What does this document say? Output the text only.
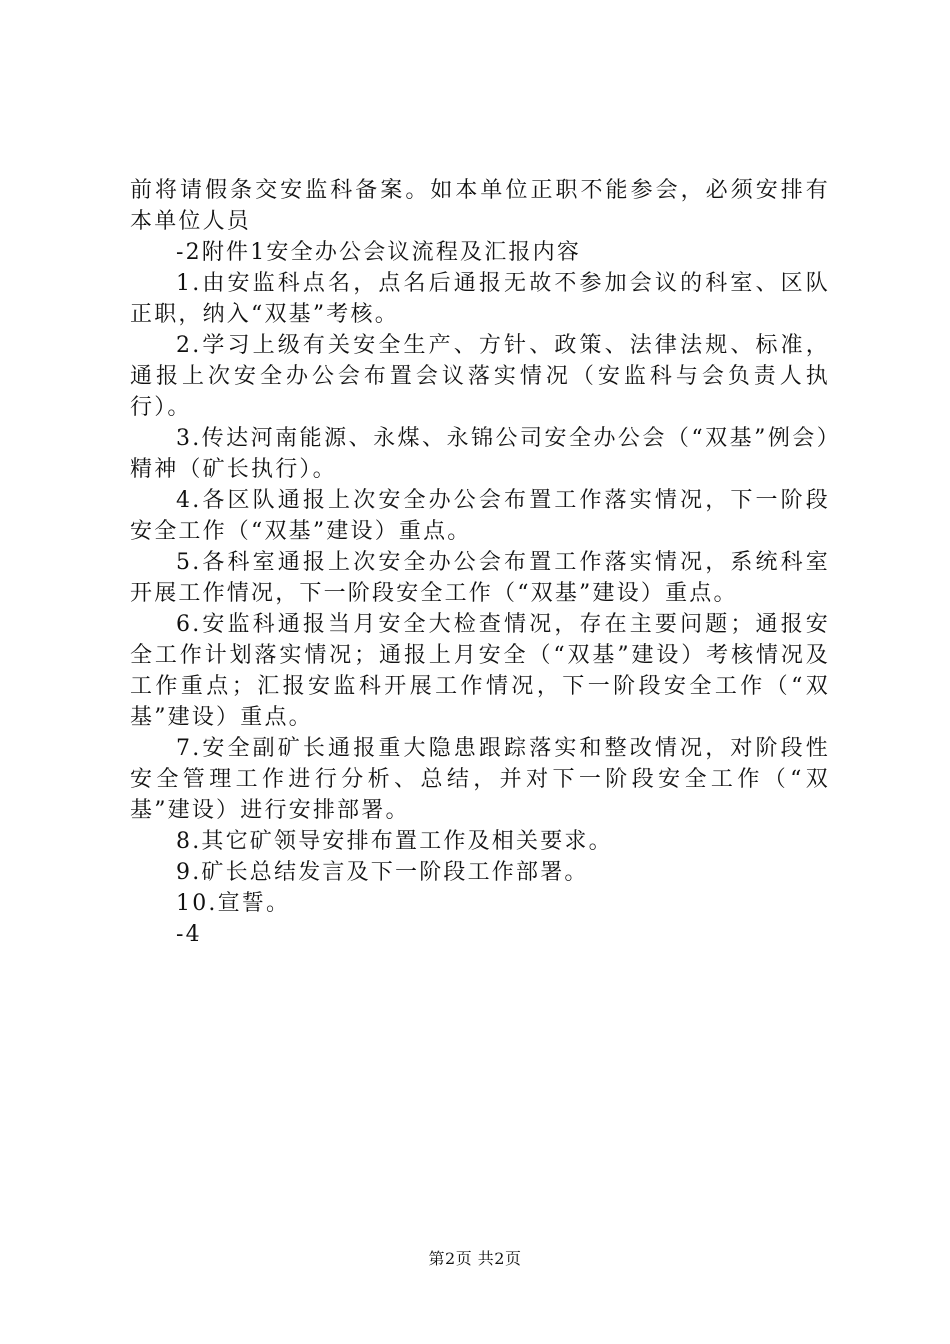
前将请假条交安监科备案。如本单位正职不能参会，必须安排有本单位人员

-2附件1安全办公会议流程及汇报内容

1.由安监科点名，点名后通报无故不参加会议的科室、区队正职，纳入“双基”考核。

2.学习上级有关安全生产、方针、政策、法律法规、标准，通报上次安全办公会布置会议落实情况（安监科与会负责人执行）。

3.传达河南能源、永煤、永锦公司安全办公会（“双基”例会）精神（矿长执行）。

4.各区队通报上次安全办公会布置工作落实情况，下一阶段安全工作（“双基”建设）重点。

5.各科室通报上次安全办公会布置工作落实情况，系统科室开展工作情况，下一阶段安全工作（“双基”建设）重点。

6.安监科通报当月安全大检查情况，存在主要问题；通报安全工作计划落实情况；通报上月安全（“双基”建设）考核情况及工作重点；汇报安监科开展工作情况，下一阶段安全工作（“双基”建设）重点。

7.安全副矿长通报重大隐患跟踪落实和整改情况，对阶段性安全管理工作进行分析、总结，并对下一阶段安全工作（“双基”建设）进行安排部署。

8.其它矿领导安排布置工作及相关要求。

9.矿长总结发言及下一阶段工作部署。

10.宣誓。

-4

第2页 共2页
